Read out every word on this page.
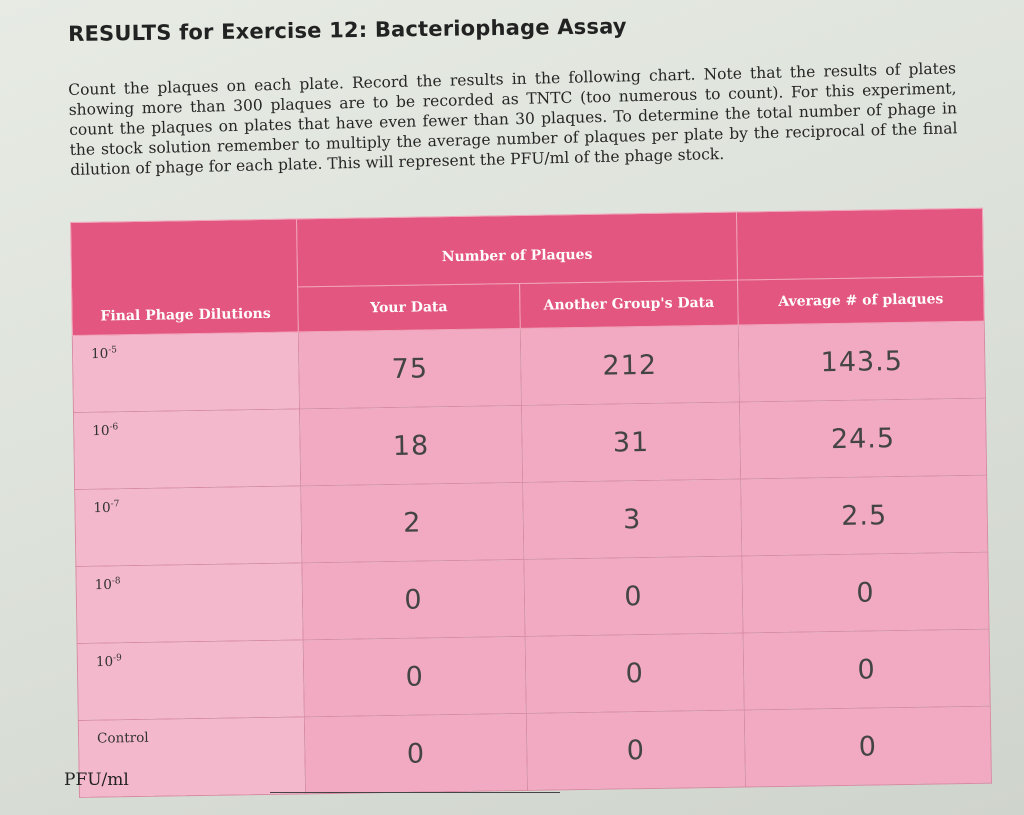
RESULTS for Exercise 12: Bacteriophage Assay
Count the plaques on each plate. Record the results in the following chart. Note that the results of plates showing more than 300 plaques are to be recorded as TNTC (too numerous to count). For this experiment, count the plaques on plates that have even fewer than 30 plaques. To determine the total number of phage in the stock solution remember to multiply the average number of plaques per plate by the reciprocal of the final dilution of phage for each plate. This will represent the PFU/ml of the phage stock.
Final Phage Dilutions	Number of Plaques		
	Your Data	Another Group's Data	Average # of plaques
$10^{-5}$	75	212	143.5
$10^{-6}$	18	31	24.5
$10^{-7}$	2	3	2.5
$10^{-8}$	0	0	0
$10^{-9}$	0	0	0
Control	0	0	0
PFU/ml
